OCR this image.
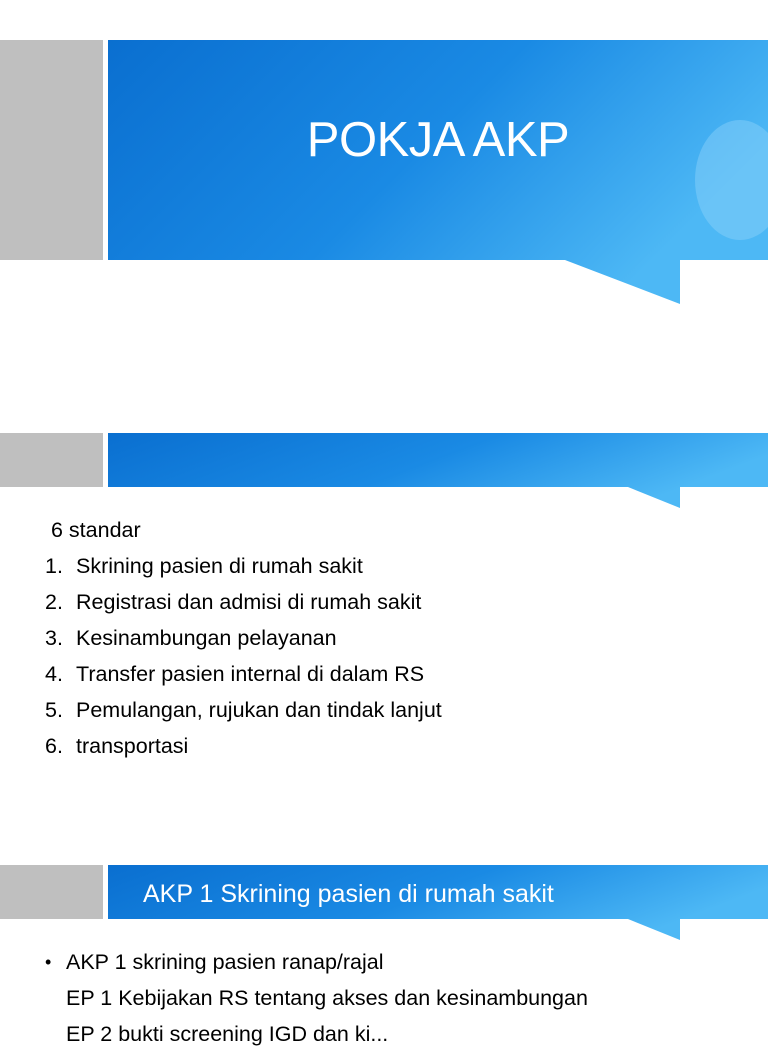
POKJA AKP
6 standar
1. Skrining pasien di rumah sakit
2. Registrasi dan admisi di rumah sakit
3. Kesinambungan pelayanan
4. Transfer pasien internal di dalam RS
5. Pemulangan, rujukan dan tindak lanjut
6. transportasi
AKP 1 Skrining pasien di rumah sakit
• AKP 1 skrining pasien ranap/rajal
EP 1 Kebijakan RS tentang akses dan kesinambungan
EP 2 bukti screening IGD dan ki...
